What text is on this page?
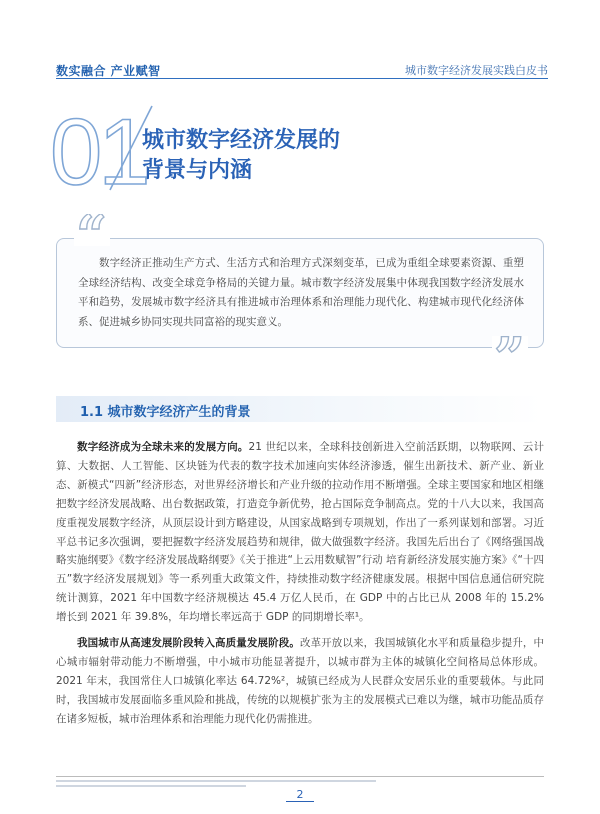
数实融合 产业赋智	城市数字经济发展实践白皮书
01
城市数字经济发展的
背景与内涵
“
”

数字经济正推动生产方式、生活方式和治理方式深刻变革，已成为重组全球要素资源、重塑全球经济结构、改变全球竞争格局的关键力量。城市数字经济发展集中体现我国数字经济发展水平和趋势，发展城市数字经济具有推进城市治理体系和治理能力现代化、构建城市现代化经济体系、促进城乡协同实现共同富裕的现实意义。

1.1 城市数字经济产生的背景

数字经济成为全球未来的发展方向。21 世纪以来，全球科技创新进入空前活跃期，以物联网、云计算、大数据、人工智能、区块链为代表的数字技术加速向实体经济渗透，催生出新技术、新产业、新业态、新模式“四新”经济形态，对世界经济增长和产业升级的拉动作用不断增强。全球主要国家和地区相继把数字经济发展战略、出台数据政策，打造竞争新优势，抢占国际竞争制高点。党的十八大以来，我国高度重视发展数字经济，从顶层设计到方略建设，从国家战略到专项规划，作出了一系列谋划和部署。习近平总书记多次强调，要把握数字经济发展趋势和规律，做大做强数字经济。我国先后出台了《网络强国战略实施纲要》《数字经济发展战略纲要》《关于推进“上云用数赋智”行动 培育新经济发展实施方案》《“十四五”数字经济发展规划》等一系列重大政策文件，持续推动数字经济健康发展。根据中国信息通信研究院统计测算，2021 年中国数字经济规模达 45.4 万亿人民币，在 GDP 中的占比已从 2008 年的 15.2% 增长到 2021 年 39.8%，年均增长率远高于 GDP 的同期增长率¹。

我国城市从高速发展阶段转入高质量发展阶段。改革开放以来，我国城镇化水平和质量稳步提升，中心城市辐射带动能力不断增强，中小城市功能显著提升，以城市群为主体的城镇化空间格局总体形成。2021 年末，我国常住人口城镇化率达 64.72%²，城镇已经成为人民群众安居乐业的重要载体。与此同时，我国城市发展面临多重风险和挑战，传统的以规模扩张为主的发展模式已难以为继，城市功能品质存在诸多短板，城市治理体系和治理能力现代化仍需推进。

2
